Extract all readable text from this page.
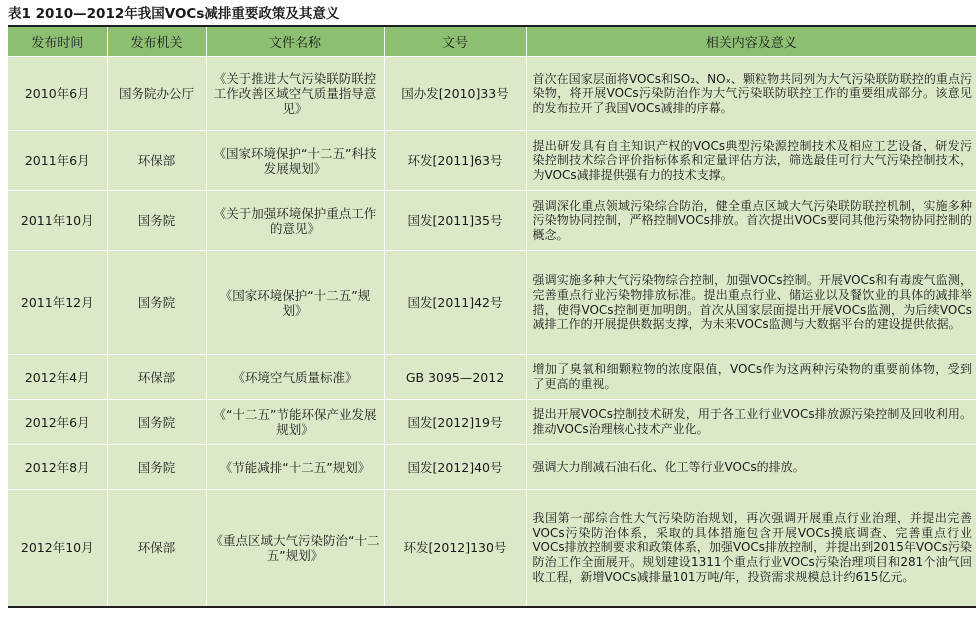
表1 2010—2012年我国VOCs减排重要政策及其意义
发布时间	发布机关	文件名称	文号	相关内容及意义
2010年6月	国务院办公厅	《关于推进大气污染联防联控工作改善区域空气质量指导意见》	国办发[2010]33号	首次在国家层面将VOCs和SO₂、NOₓ、颗粒物共同列为大气污染联防联控的重点污染物，将开展VOCs污染防治作为大气污染联防联控工作的重要组成部分。该意见的发布拉开了我国VOCs减排的序幕。
2011年6月	环保部	《国家环境保护“十二五”科技发展规划》	环发[2011]63号	提出研发具有自主知识产权的VOCs典型污染源控制技术及相应工艺设备，研发污染控制技术综合评价指标体系和定量评估方法，筛选最佳可行大气污染控制技术，为VOCs减排提供强有力的技术支撑。
2011年10月	国务院	《关于加强环境保护重点工作的意见》	国发[2011]35号	强调深化重点领域污染综合防治，健全重点区域大气污染联防联控机制，实施多种污染物协同控制，严格控制VOCs排放。首次提出VOCs要同其他污染物协同控制的概念。
2011年12月	国务院	《国家环境保护“十二五”规划》	国发[2011]42号	强调实施多种大气污染物综合控制，加强VOCs控制。开展VOCs和有毒废气监测，完善重点行业污染物排放标准。提出重点行业、储运业以及餐饮业的具体的减排举措，使得VOCs控制更加明朗。首次从国家层面提出开展VOCs监测，为后续VOCs减排工作的开展提供数据支撑，为未来VOCs监测与大数据平台的建设提供依据。
2012年4月	环保部	《环境空气质量标准》	GB 3095—2012	增加了臭氧和细颗粒物的浓度限值，VOCs作为这两种污染物的重要前体物，受到了更高的重视。
2012年6月	国务院	《“十二五”节能环保产业发展规划》	国发[2012]19号	提出开展VOCs控制技术研发，用于各工业行业VOCs排放源污染控制及回收利用。推动VOCs治理核心技术产业化。
2012年8月	国务院	《节能减排“十二五”规划》	国发[2012]40号	强调大力削减石油石化、化工等行业VOCs的排放。
2012年10月	环保部	《重点区域大气污染防治“十二五”规划》	环发[2012]130号	我国第一部综合性大气污染防治规划，再次强调开展重点行业治理，并提出完善VOCs污染防治体系，采取的具体措施包含开展VOCs摸底调查、完善重点行业VOCs排放控制要求和政策体系，加强VOCs排放控制，并提出到2015年VOCs污染防治工作全面展开。规划建设1311个重点行业VOCs污染治理项目和281个油气回收工程，新增VOCs减排量101万吨/年，投资需求规模总计约615亿元。
